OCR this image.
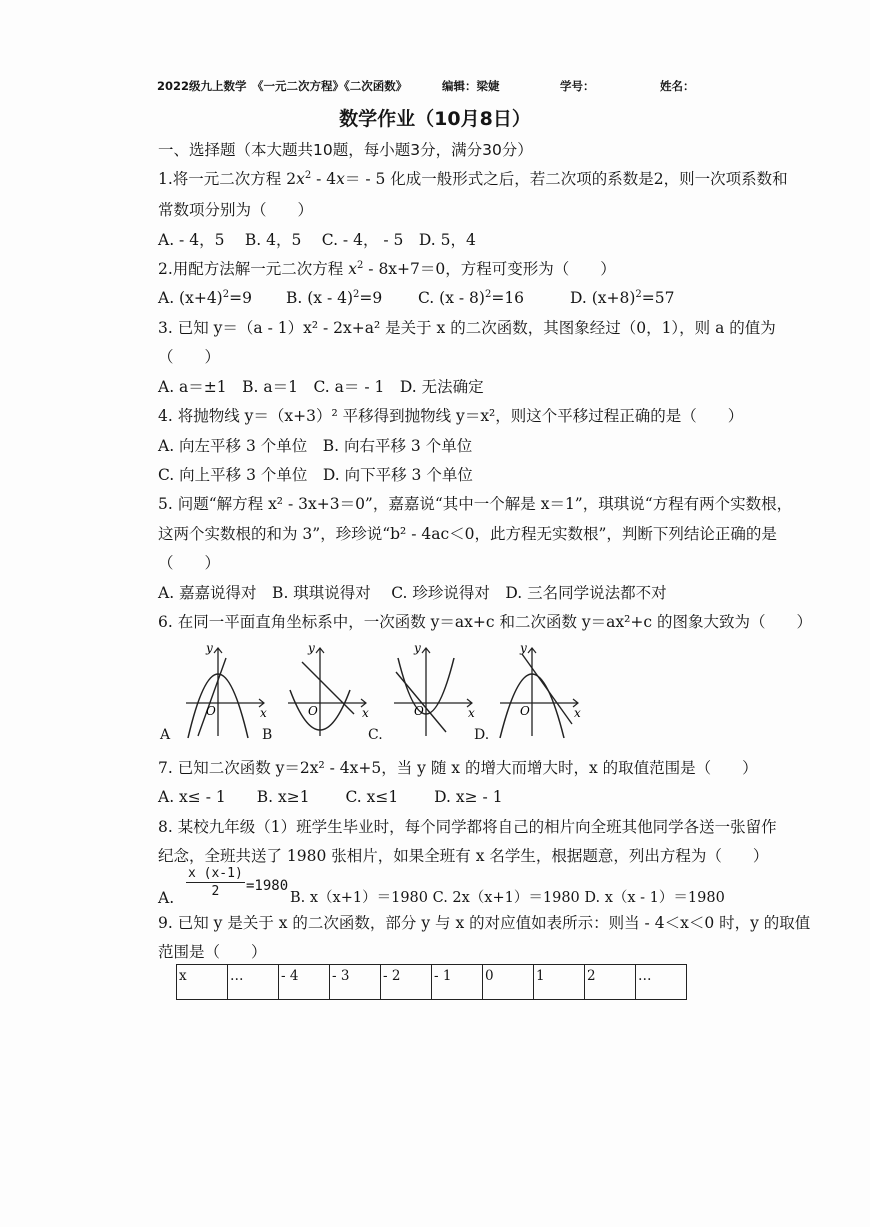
2022级九上数学 《一元二次方程》《二次函数》	编辑：梁婕	学号：	姓名：
数学作业（10月8日）
一、选择题（本大题共10题，每小题3分，满分30分）
1.将一元二次方程 $2x^2 - 4x= - 5$ 化成一般形式之后，若二次项的系数是2，则一次项系数和
常数项分别为（　　）
A. - 4，5　 B. 4，5　 C. - 4， - 5　D. 5，4
2.用配方法解一元二次方程 $x^2 - 8x+7=0$，方程可变形为（　　）
A. $(x+4)^2=9$ B. (x - 4)$^2$=9 C. (x - 8)$^2$=16	D. $(x+8)^2=57$
3. 已知 y＝（a - 1）x² - 2x+a² 是关于 x 的二次函数，其图象经过（0，1），则 a 的值为
（　　）
A. a＝±1　B. a＝1　C. a＝ - 1　D. 无法确定
4. 将抛物线 y＝（x+3）² 平移得到抛物线 y＝x²，则这个平移过程正确的是（　　）
A. 向左平移 3 个单位　B. 向右平移 3 个单位
C. 向上平移 3 个单位　D. 向下平移 3 个单位
5. 问题“解方程 x² - 3x+3＝0”，嘉嘉说“其中一个解是 x＝1”，琪琪说“方程有两个实数根，
这两个实数根的和为 3”，珍珍说“b² - 4ac＜0，此方程无实数根”，判断下列结论正确的是
（　　）
A. 嘉嘉说得对　B. 琪琪说得对　 C. 珍珍说得对　D. 三名同学说法都不对
6. 在同一平面直角坐标系中，一次函数 y＝ax+c 和二次函数 y＝ax²+c 的图象大致为（　　）
y
x
O
y
x
O
y
x
O
y
x
O
A	B	C.	D.
7. 已知二次函数 y＝2x² - 4x+5，当 y 随 x 的增大而增大时，x 的取值范围是（　　）
A. x≤ - 1　　B. x≥1　　 C. x≤1　　 D. x≥ - 1
8. 某校九年级（1）班学生毕业时，每个同学都将自己的相片向全班其他同学各送一张留作
纪念，全班共送了 1980 张相片，如果全班有 x 名学生，根据题意，列出方程为（　　）
A. $\frac{x (x-1)}{2} =1980$
B. x（x+1）＝1980 C. 2x（x+1）＝1980 D. x（x - 1）＝1980
9. 已知 y 是关于 x 的二次函数，部分 y 与 x 的对应值如表所示：则当 - 4＜x＜0 时，y 的取值
范围是（　　）
x	…	- 4	- 3	- 2	- 1	0	1	2	…
